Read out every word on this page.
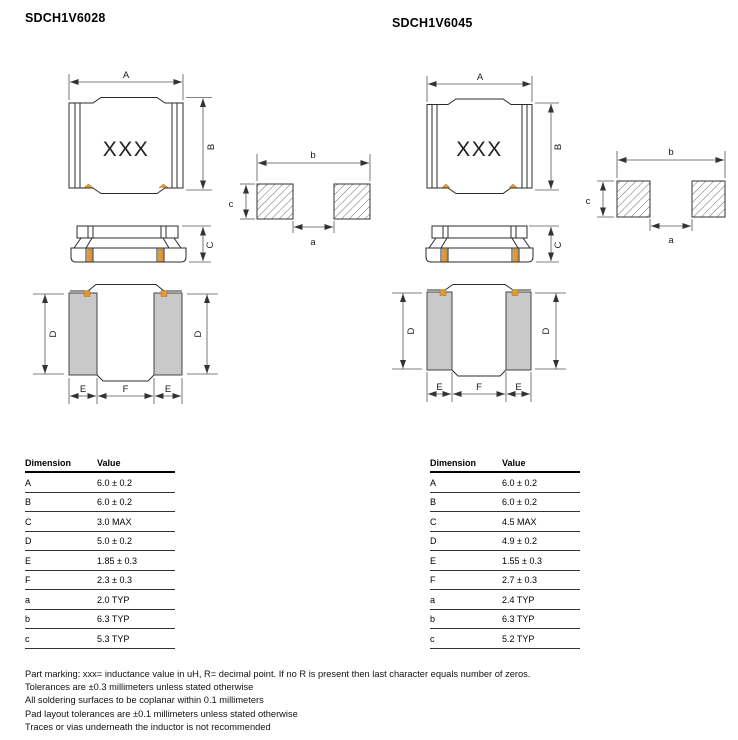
SDCH1V6028	SDCH1V6045
A
XXX	B
b
c
a
C
D	D
E	F	E
A
XXX	B	b
c
a
C
D	D
E	F	E
Dimension	Value
A	6.0 ± 0.2
B	6.0 ± 0.2
C	3.0 MAX
D	5.0 ± 0.2
E	1.85 ± 0.3
F	2.3 ± 0.3
a	2.0 TYP
b	6.3 TYP
c	5.3 TYP
Dimension	Value
A	6.0 ± 0.2
B	6.0 ± 0.2
C	4.5 MAX
D	4.9 ± 0.2
E	1.55 ± 0.3
F	2.7 ± 0.3
a	2.4 TYP
b	6.3 TYP
c	5.2 TYP
Part marking: xxx= inductance value in uH, R= decimal point. If no R is present then last character equals number of zeros.
Tolerances are ±0.3 millimeters unless stated otherwise
All soldering surfaces to be coplanar within 0.1 millimeters
Pad layout tolerances are ±0.1 millimeters unless stated otherwise
Traces or vias underneath the inductor is not recommended
